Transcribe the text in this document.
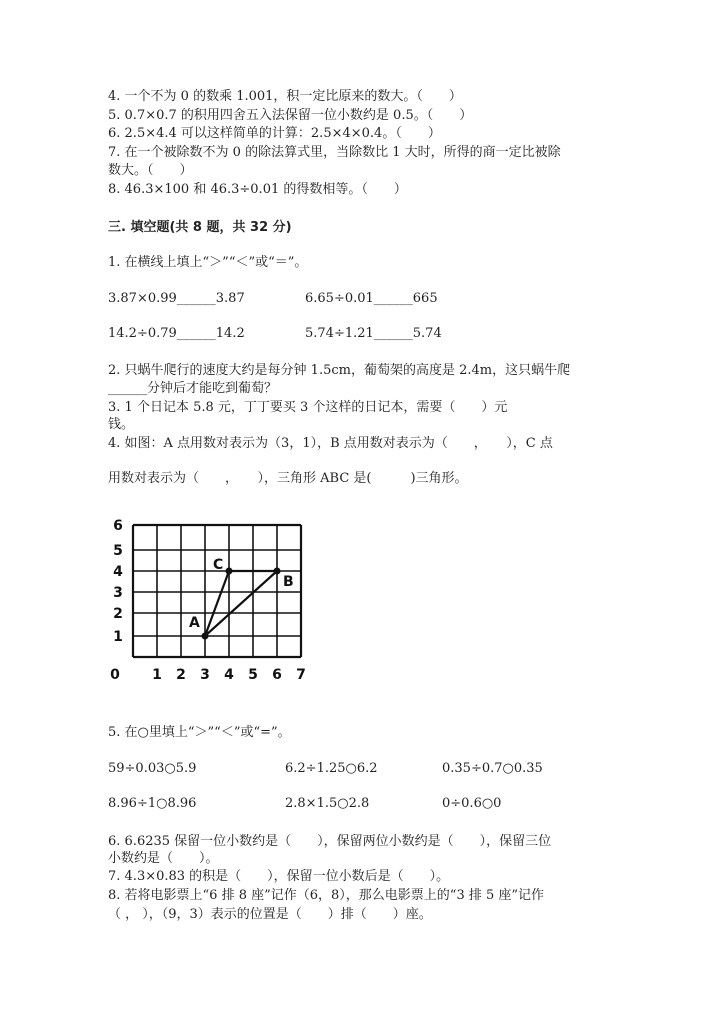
4. 一个不为 0 的数乘 1.001，积一定比原来的数大。（　　）
5. 0.7×0.7 的积用四舍五入法保留一位小数约是 0.5。（　　）
6. 2.5×4.4 可以这样简单的计算：2.5×4×0.4。（　　）
7. 在一个被除数不为 0 的除法算式里，当除数比 1 大时，所得的商一定比被除
数大。（　　）
8. 46.3×100 和 46.3÷0.01 的得数相等。（　　）
三. 填空题(共 8 题，共 32 分)
1. 在横线上填上“＞”“＜”或“＝”。
3.87×0.99______3.87	6.65÷0.01______665
14.2÷0.79______14.2	5.74÷1.21______5.74
2. 只蜗牛爬行的速度大约是每分钟 1.5cm，葡萄架的高度是 2.4m，这只蜗牛爬
______分钟后才能吃到葡萄？
3. 1 个日记本 5.8 元，丁丁要买 3 个这样的日记本，需要（　　）元
钱。
4. 如图：A 点用数对表示为（3，1），B 点用数对表示为（　　，　　），C 点
用数对表示为（　　，　　），三角形 ABC 是(　　　)三角形。
0 1 2 3 4 5 6 7
1
2
3
4
5
6
A
B
C
5. 在○里填上“＞”“＜”或“=”。
59÷0.03○5.9	6.2÷1.25○6.2	0.35÷0.7○0.35
8.96÷1○8.96	2.8×1.5○2.8	0÷0.6○0
6. 6.6235 保留一位小数约是（　　），保留两位小数约是（　　），保留三位
小数约是（　　）。
7. 4.3×0.83 的积是（　　），保留一位小数后是（　　）。
8. 若将电影票上“6 排 8 座”记作（6，8），那么电影票上的“3 排 5 座”记作
（ ， ），（9，3）表示的位置是（　　）排（　　）座。
